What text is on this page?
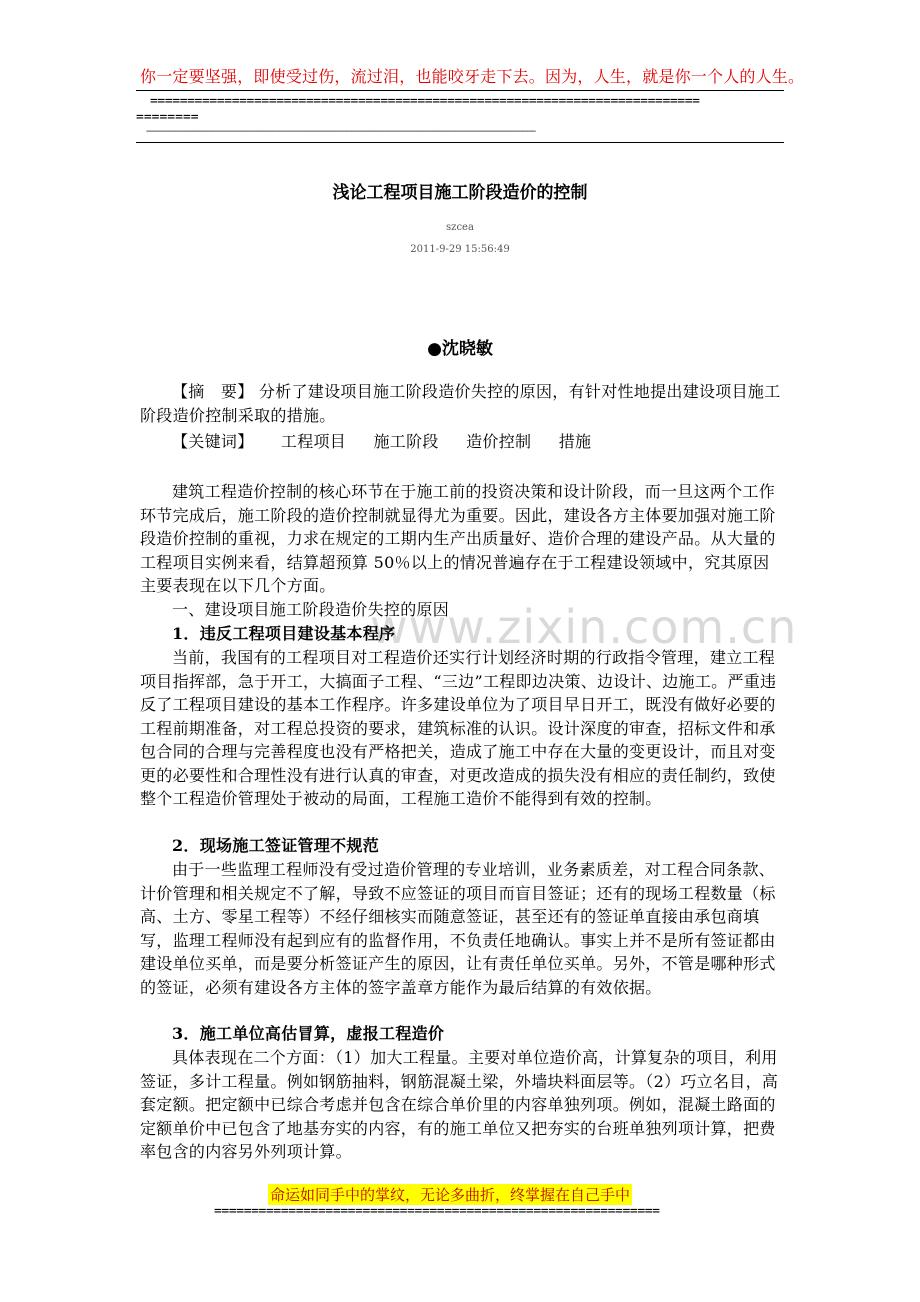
你一定要坚强，即使受过伤，流过泪，也能咬牙走下去。因为，人生，就是你一个人的人生。
==========================================================================
========
-------------------------------------------------------------------------------------------------------------------------------------------------------------
www.zixin.com.cn
浅论工程项目施工阶段造价的控制
szcea
2011-9-29 15:56:49
●沈晓敏
【摘　要】 分析了建设项目施工阶段造价失控的原因，有针对性地提出建设项目施工阶段造价控制采取的措施。
【关键词】 工程项目 施工阶段 造价控制 措施
建筑工程造价控制的核心环节在于施工前的投资决策和设计阶段，而一旦这两个工作环节完成后，施工阶段的造价控制就显得尤为重要。因此，建设各方主体要加强对施工阶段造价控制的重视，力求在规定的工期内生产出质量好、造价合理的建设产品。从大量的工程项目实例来看，结算超预算 50％以上的情况普遍存在于工程建设领域中，究其原因主要表现在以下几个方面。
一、建设项目施工阶段造价失控的原因
1．违反工程项目建设基本程序
当前，我国有的工程项目对工程造价还实行计划经济时期的行政指令管理，建立工程项目指挥部，急于开工，大搞面子工程、“三边”工程即边决策、边设计、边施工。严重违反了工程项目建设的基本工作程序。许多建设单位为了项目早日开工，既没有做好必要的工程前期准备，对工程总投资的要求，建筑标准的认识。设计深度的审查，招标文件和承包合同的合理与完善程度也没有严格把关，造成了施工中存在大量的变更设计，而且对变更的必要性和合理性没有进行认真的审查，对更改造成的损失没有相应的责任制约，致使整个工程造价管理处于被动的局面，工程施工造价不能得到有效的控制。
2．现场施工签证管理不规范
由于一些监理工程师没有受过造价管理的专业培训，业务素质差，对工程合同条款、计价管理和相关规定不了解，导致不应签证的项目而盲目签证；还有的现场工程数量（标高、土方、零星工程等）不经仔细核实而随意签证，甚至还有的签证单直接由承包商填写，监理工程师没有起到应有的监督作用，不负责任地确认。事实上并不是所有签证都由建设单位买单，而是要分析签证产生的原因，让有责任单位买单。另外，不管是哪种形式的签证，必须有建设各方主体的签字盖章方能作为最后结算的有效依据。
3．施工单位高估冒算，虚报工程造价
具体表现在二个方面：（1）加大工程量。主要对单位造价高，计算复杂的项目，利用签证，多计工程量。例如钢筋抽料，钢筋混凝土梁，外墙块料面层等。（2）巧立名目，高套定额。把定额中已综合考虑并包含在综合单价里的内容单独列项。例如，混凝土路面的定额单价中已包含了地基夯实的内容，有的施工单位又把夯实的台班单独列项计算，把费率包含的内容另外列项计算。
命运如同手中的掌纹，无论多曲折，终掌握在自己手中
============================================================
